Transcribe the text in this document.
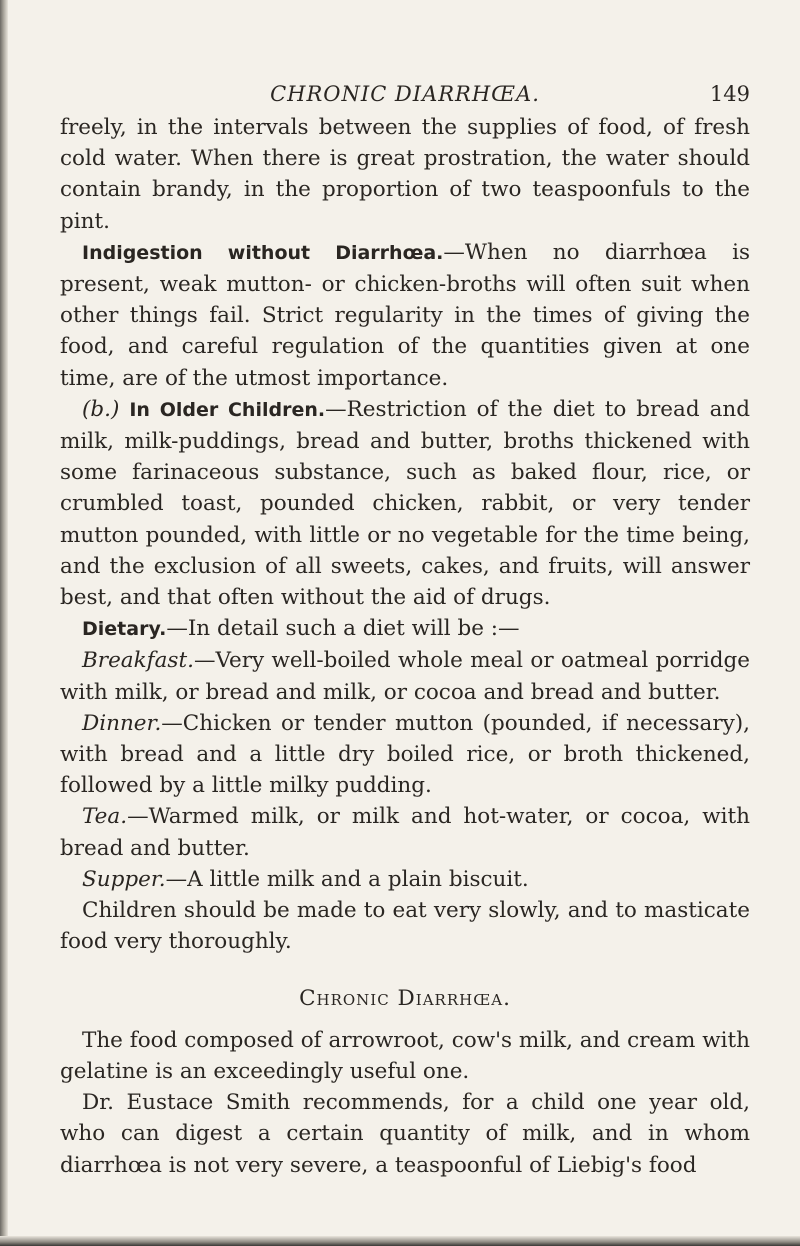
CHRONIC DIARRHŒA.	149

freely, in the intervals between the supplies of food, of fresh cold water. When there is great prostration, the water should contain brandy, in the proportion of two teaspoonfuls to the pint.

Indigestion without Diarrhœa.—When no diarrhœa is present, weak mutton- or chicken-broths will often suit when other things fail. Strict regularity in the times of giving the food, and careful regulation of the quantities given at one time, are of the utmost importance.

(b.) In Older Children.—Restriction of the diet to bread and milk, milk-puddings, bread and butter, broths thickened with some farinaceous substance, such as baked flour, rice, or crumbled toast, pounded chicken, rabbit, or very tender mutton pounded, with little or no vegetable for the time being, and the exclusion of all sweets, cakes, and fruits, will answer best, and that often without the aid of drugs.

Dietary.—In detail such a diet will be :—

Breakfast.—Very well-boiled whole meal or oatmeal porridge with milk, or bread and milk, or cocoa and bread and butter.

Dinner.—Chicken or tender mutton (pounded, if necessary), with bread and a little dry boiled rice, or broth thickened, followed by a little milky pudding.

Tea.—Warmed milk, or milk and hot-water, or cocoa, with bread and butter.

Supper.—A little milk and a plain biscuit.

Children should be made to eat very slowly, and to masticate food very thoroughly.

Chronic Diarrhœa.

The food composed of arrowroot, cow's milk, and cream with gelatine is an exceedingly useful one.

Dr. Eustace Smith recommends, for a child one year old, who can digest a certain quantity of milk, and in whom diarrhœa is not very severe, a teaspoonful of Liebig's food
